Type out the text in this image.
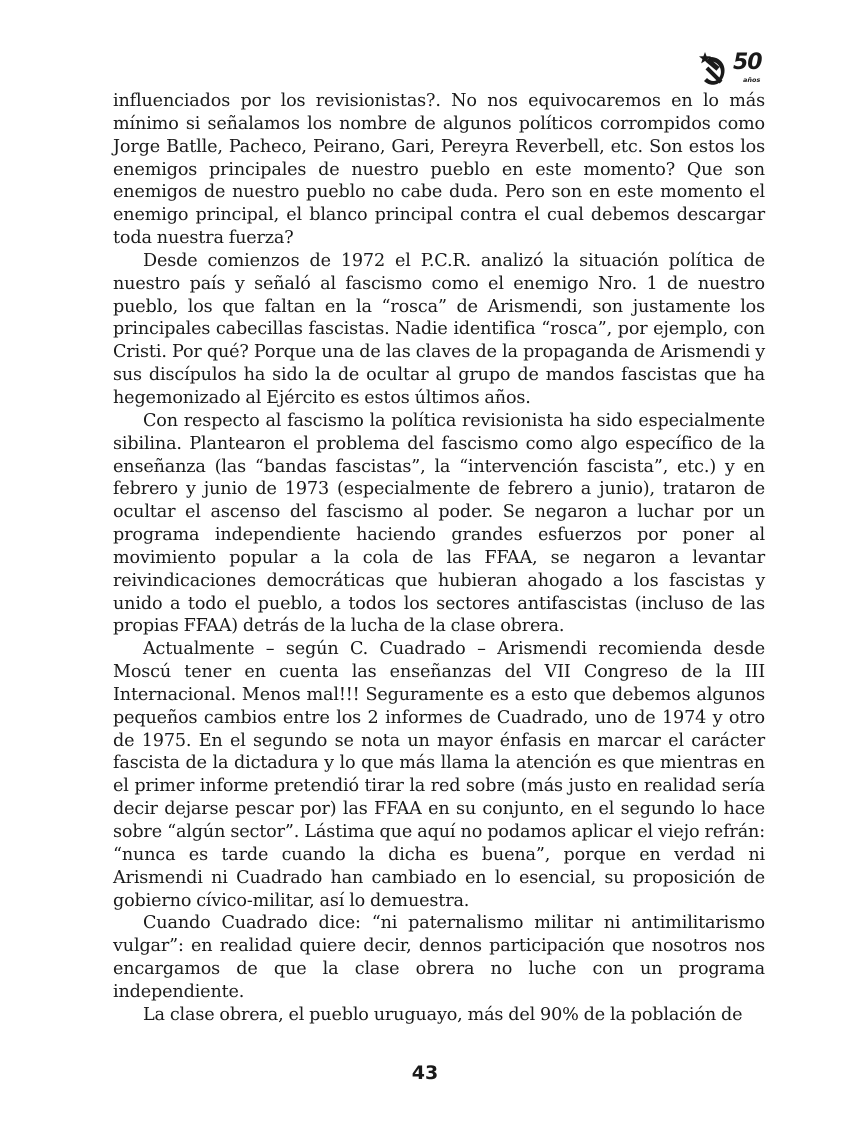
50
años

influenciados por los revisionistas?. No nos equivocaremos en lo más mínimo si señalamos los nombre de algunos políticos corrompidos como Jorge Batlle, Pacheco, Peirano, Gari, Pereyra Reverbell, etc. Son estos los enemigos principales de nuestro pueblo en este momento? Que son enemigos de nuestro pueblo no cabe duda. Pero son en este momento el enemigo principal, el blanco principal contra el cual debemos descargar toda nuestra fuerza?

Desde comienzos de 1972 el P.C.R. analizó la situación política de nuestro país y señaló al fascismo como el enemigo Nro. 1 de nuestro pueblo, los que faltan en la “rosca” de Arismendi, son justamente los principales cabecillas fascistas. Nadie identifica “rosca”, por ejemplo, con Cristi. Por qué? Porque una de las claves de la propaganda de Arismendi y sus discípulos ha sido la de ocultar al grupo de mandos fascistas que ha hegemonizado al Ejército es estos últimos años.

Con respecto al fascismo la política revisionista ha sido especialmente sibilina. Plantearon el problema del fascismo como algo específico de la enseñanza (las “bandas fascistas”, la “intervención fascista”, etc.) y en febrero y junio de 1973 (especialmente de febrero a junio), trataron de ocultar el ascenso del fascismo al poder. Se negaron a luchar por un programa independiente haciendo grandes esfuerzos por poner al movimiento popular a la cola de las FFAA, se negaron a levantar reivindicaciones democráticas que hubieran ahogado a los fascistas y unido a todo el pueblo, a todos los sectores antifascistas (incluso de las propias FFAA) detrás de la lucha de la clase obrera.

Actualmente – según C. Cuadrado – Arismendi recomienda desde Moscú tener en cuenta las enseñanzas del VII Congreso de la III Internacional. Menos mal!!! Seguramente es a esto que debemos algunos pequeños cambios entre los 2 informes de Cuadrado, uno de 1974 y otro de 1975. En el segundo se nota un mayor énfasis en marcar el carácter fascista de la dictadura y lo que más llama la atención es que mientras en el primer informe pretendió tirar la red sobre (más justo en realidad sería decir dejarse pescar por) las FFAA en su conjunto, en el segundo lo hace sobre “algún sector”. Lástima que aquí no podamos aplicar el viejo refrán: “nunca es tarde cuando la dicha es buena”, porque en verdad ni Arismendi ni Cuadrado han cambiado en lo esencial, su proposición de gobierno cívico-militar, así lo demuestra.

Cuando Cuadrado dice: “ni paternalismo militar ni antimilitarismo vulgar”: en realidad quiere decir, dennos participación que nosotros nos encargamos de que la clase obrera no luche con un programa independiente.

La clase obrera, el pueblo uruguayo, más del 90% de la población de

43
